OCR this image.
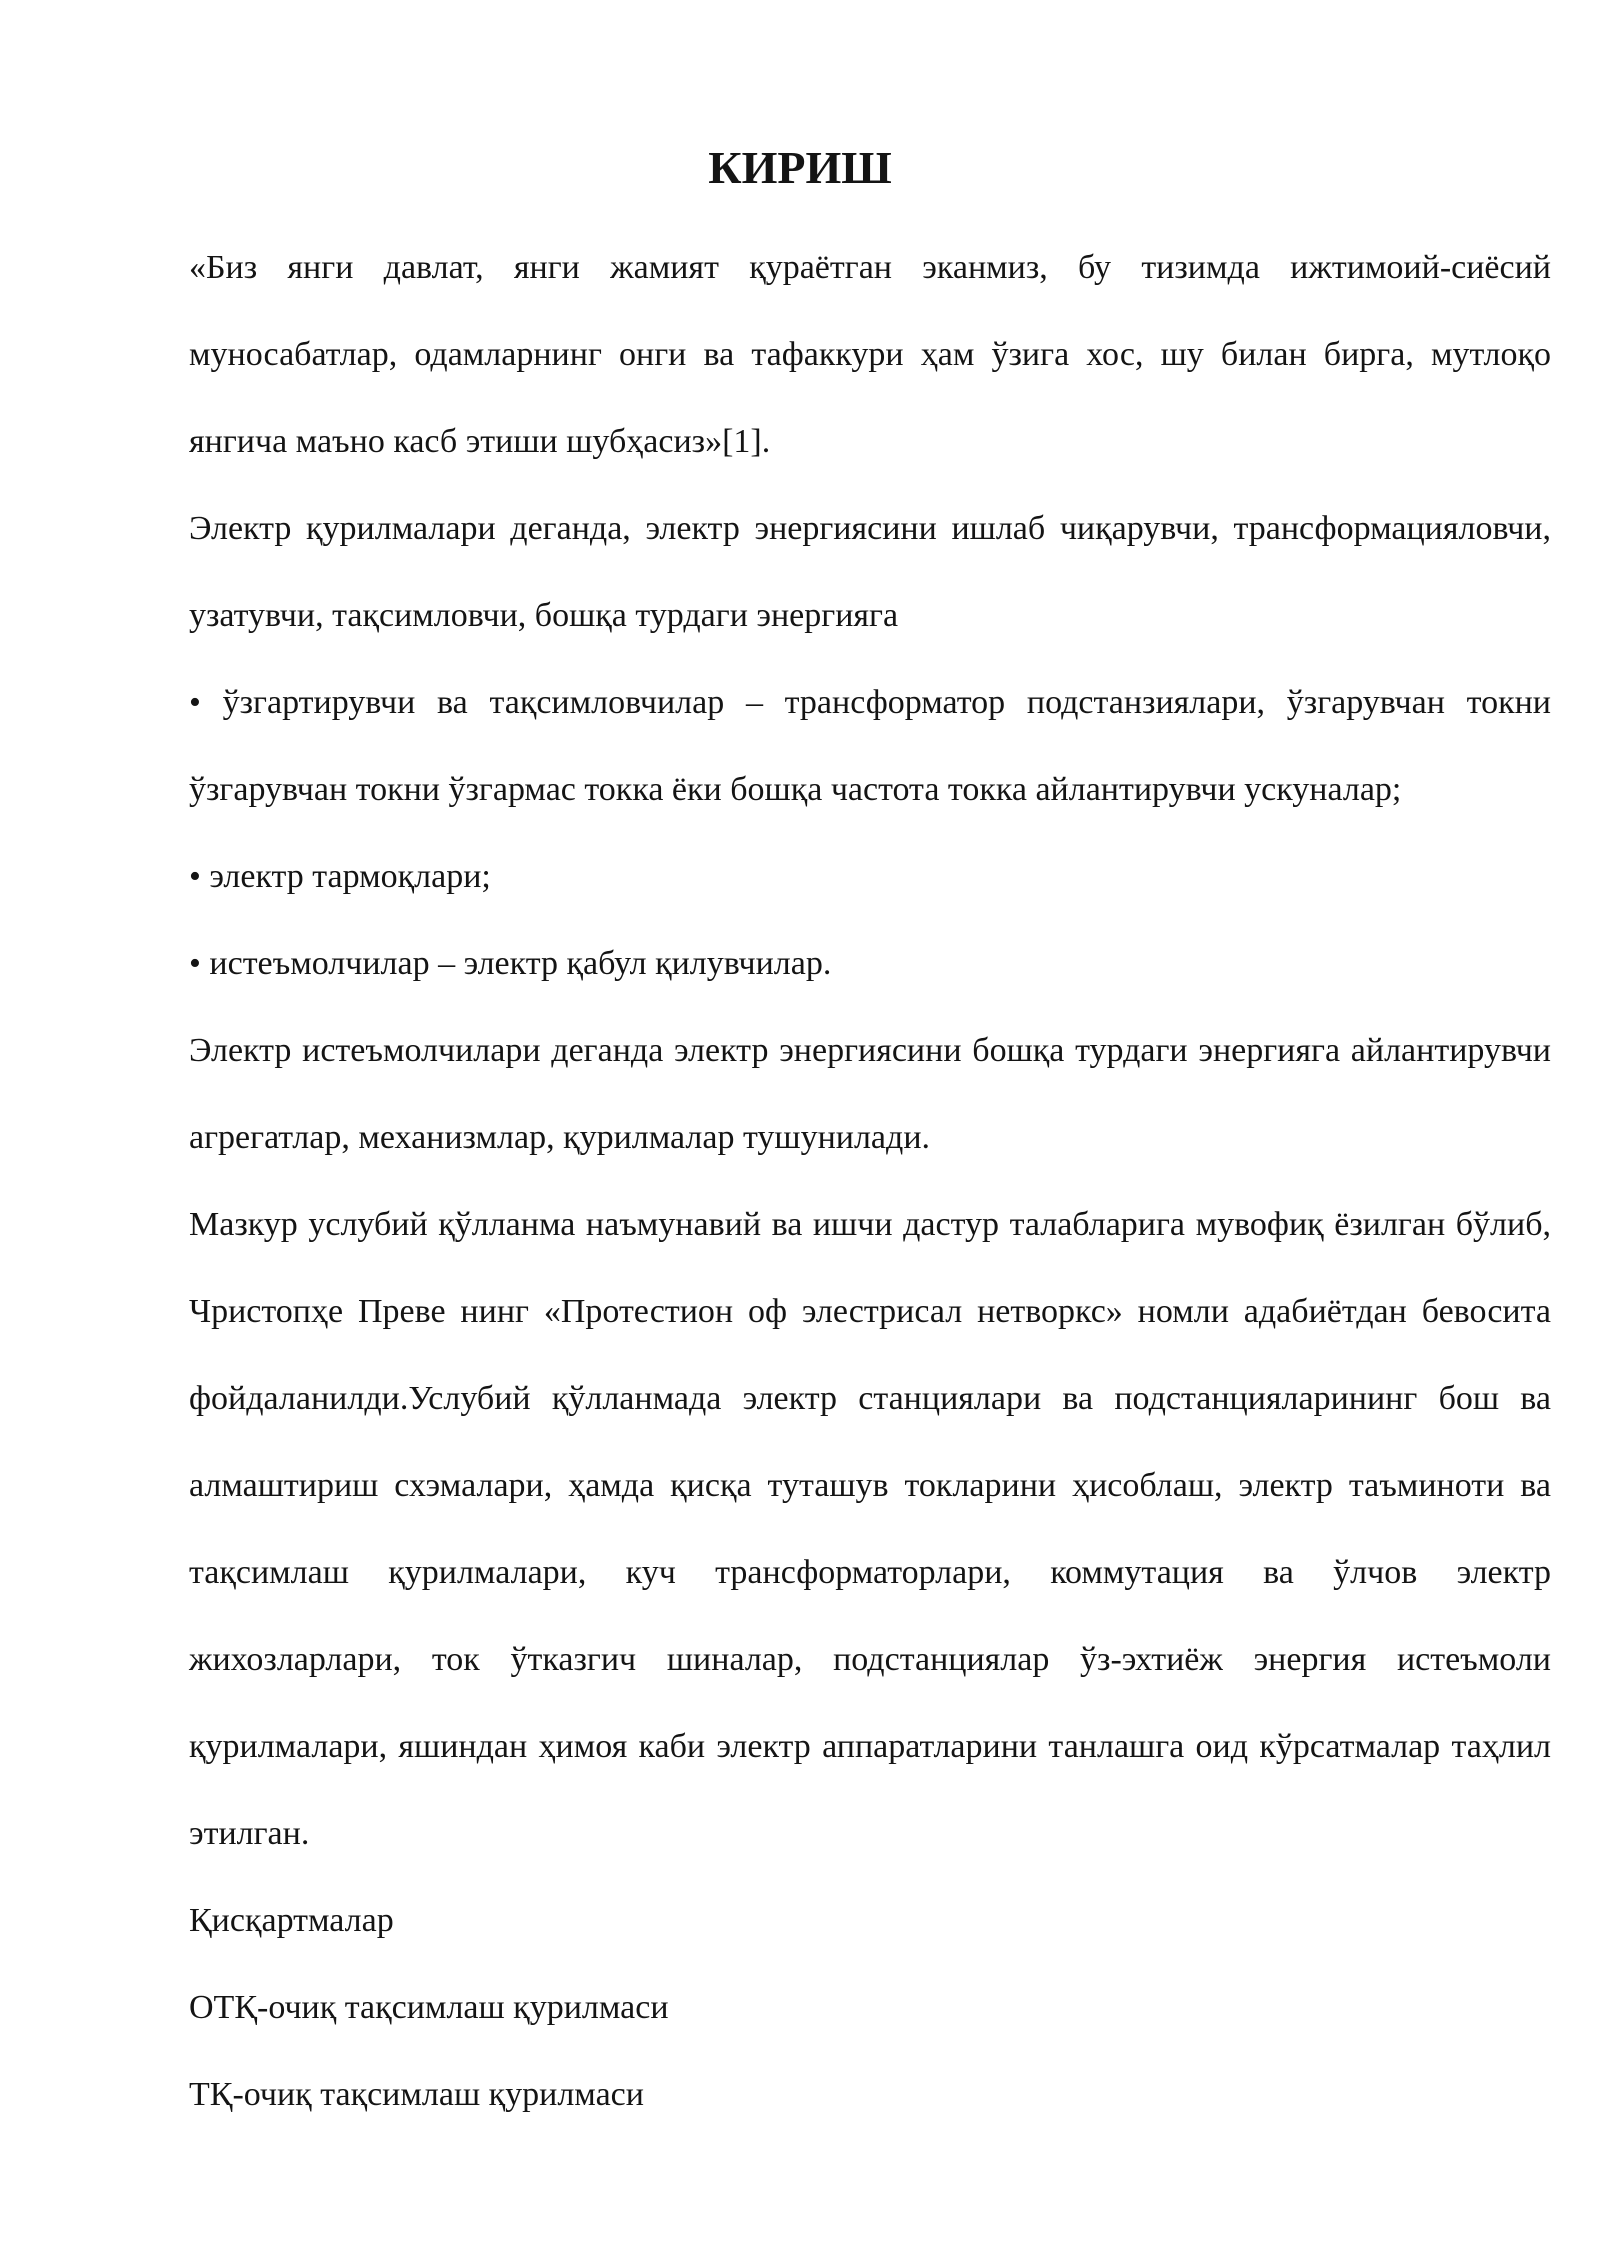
КИРИШ

«Биз янги давлат, янги жамият қураётган эканмиз, бу тизимда ижтимоий-сиёсий муносабатлар, одамларнинг онги ва тафаккури ҳам ўзига хос, шу билан бирга, мутлоқо янгича маъно касб этиши шубҳасиз»[1].

Электр қурилмалари деганда, электр энергиясини ишлаб чиқарувчи, трансформацияловчи, узатувчи, тақсимловчи, бошқа турдаги энергияга

• ўзгартирувчи ва тақсимловчилар – трансформатор подстанзиялари, ўзгарувчан токни ўзгарувчан токни ўзгармас токка ёки бошқа частота токка айлантирувчи ускуналар;

• электр тармоқлари;

• истеъмолчилар – электр қабул қилувчилар.

Электр истеъмолчилари деганда электр энергиясини бошқа турдаги энергияга айлантирувчи агрегатлар, механизмлар, қурилмалар тушунилади.

Мазкур услубий қўлланма наъмунавий ва ишчи дастур талабларига мувофиқ ёзилган бўлиб, Чристопҳе Преве нинг «Протестион оф элестрисал нетворкс» номли адабиётдан бевосита фойдаланилди.Услубий қўлланмада электр станциялари ва подстанцияларининг бош ва алмаштириш схэмалари, ҳамда қисқа туташув токларини ҳисоблаш, электр таъминоти ва тақсимлаш қурилмалари, куч трансформаторлари, коммутация ва ўлчов электр жихозларлари, ток ўтказгич шиналар, подстанциялар ўз-эхтиёж энергия истеъмоли қурилмалари, яшиндан ҳимоя каби электр аппаратларини танлашга оид кўрсатмалар таҳлил этилган.

Қисқартмалар

ОТҚ-очиқ тақсимлаш қурилмаси

ТҚ-очиқ тақсимлаш қурилмаси
